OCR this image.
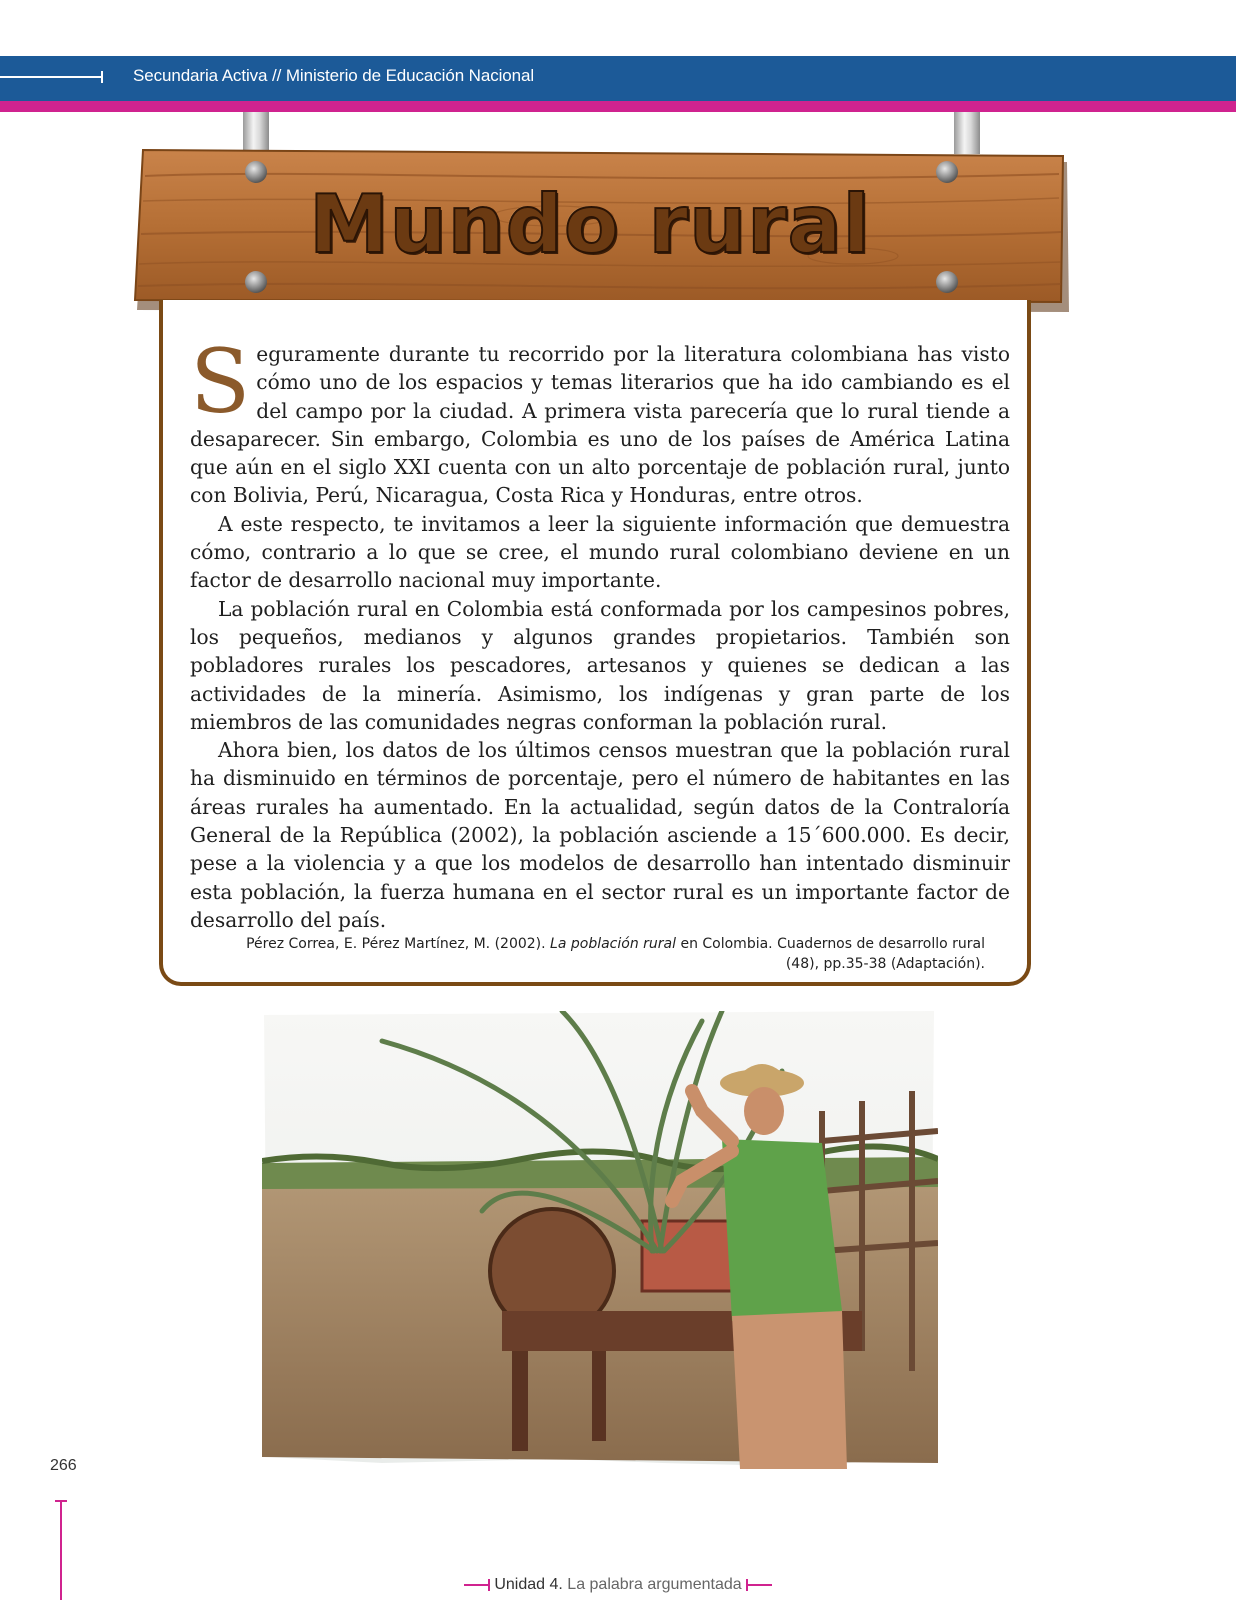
Secundaria Activa // Ministerio de Educación Nacional
Mundo rural

Seguramente durante tu recorrido por la literatura colombiana has visto cómo uno de los espacios y temas literarios que ha ido cambiando es el del campo por la ciudad. A primera vista parecería que lo rural tiende a desaparecer. Sin embargo, Colombia es uno de los países de América Latina que aún en el siglo XXI cuenta con un alto porcentaje de población rural, junto con Bolivia, Perú, Nicaragua, Costa Rica y Honduras, entre otros.

A este respecto, te invitamos a leer la siguiente información que demuestra cómo, contrario a lo que se cree, el mundo rural colombiano deviene en un factor de desarrollo nacional muy importante.

La población rural en Colombia está conformada por los campesinos pobres, los pequeños, medianos y algunos grandes propietarios. También son pobladores rurales los pescadores, artesanos y quienes se dedican a las actividades de la minería. Asimismo, los indígenas y gran parte de los miembros de las comunidades negras conforman la población rural.

Ahora bien, los datos de los últimos censos muestran que la población rural ha disminuido en términos de porcentaje, pero el número de habitantes en las áreas rurales ha aumentado. En la actualidad, según datos de la Contraloría General de la República (2002), la población asciende a 15´600.000. Es decir, pese a la violencia y a que los modelos de desarrollo han intentado disminuir esta población, la fuerza humana en el sector rural es un importante factor de desarrollo del país.

Pérez Correa, E. Pérez Martínez, M. (2002). La población rural en Colombia. Cuadernos de desarrollo rural
(48), pp.35-38 (Adaptación).
266
Unidad 4. La palabra argumentada
